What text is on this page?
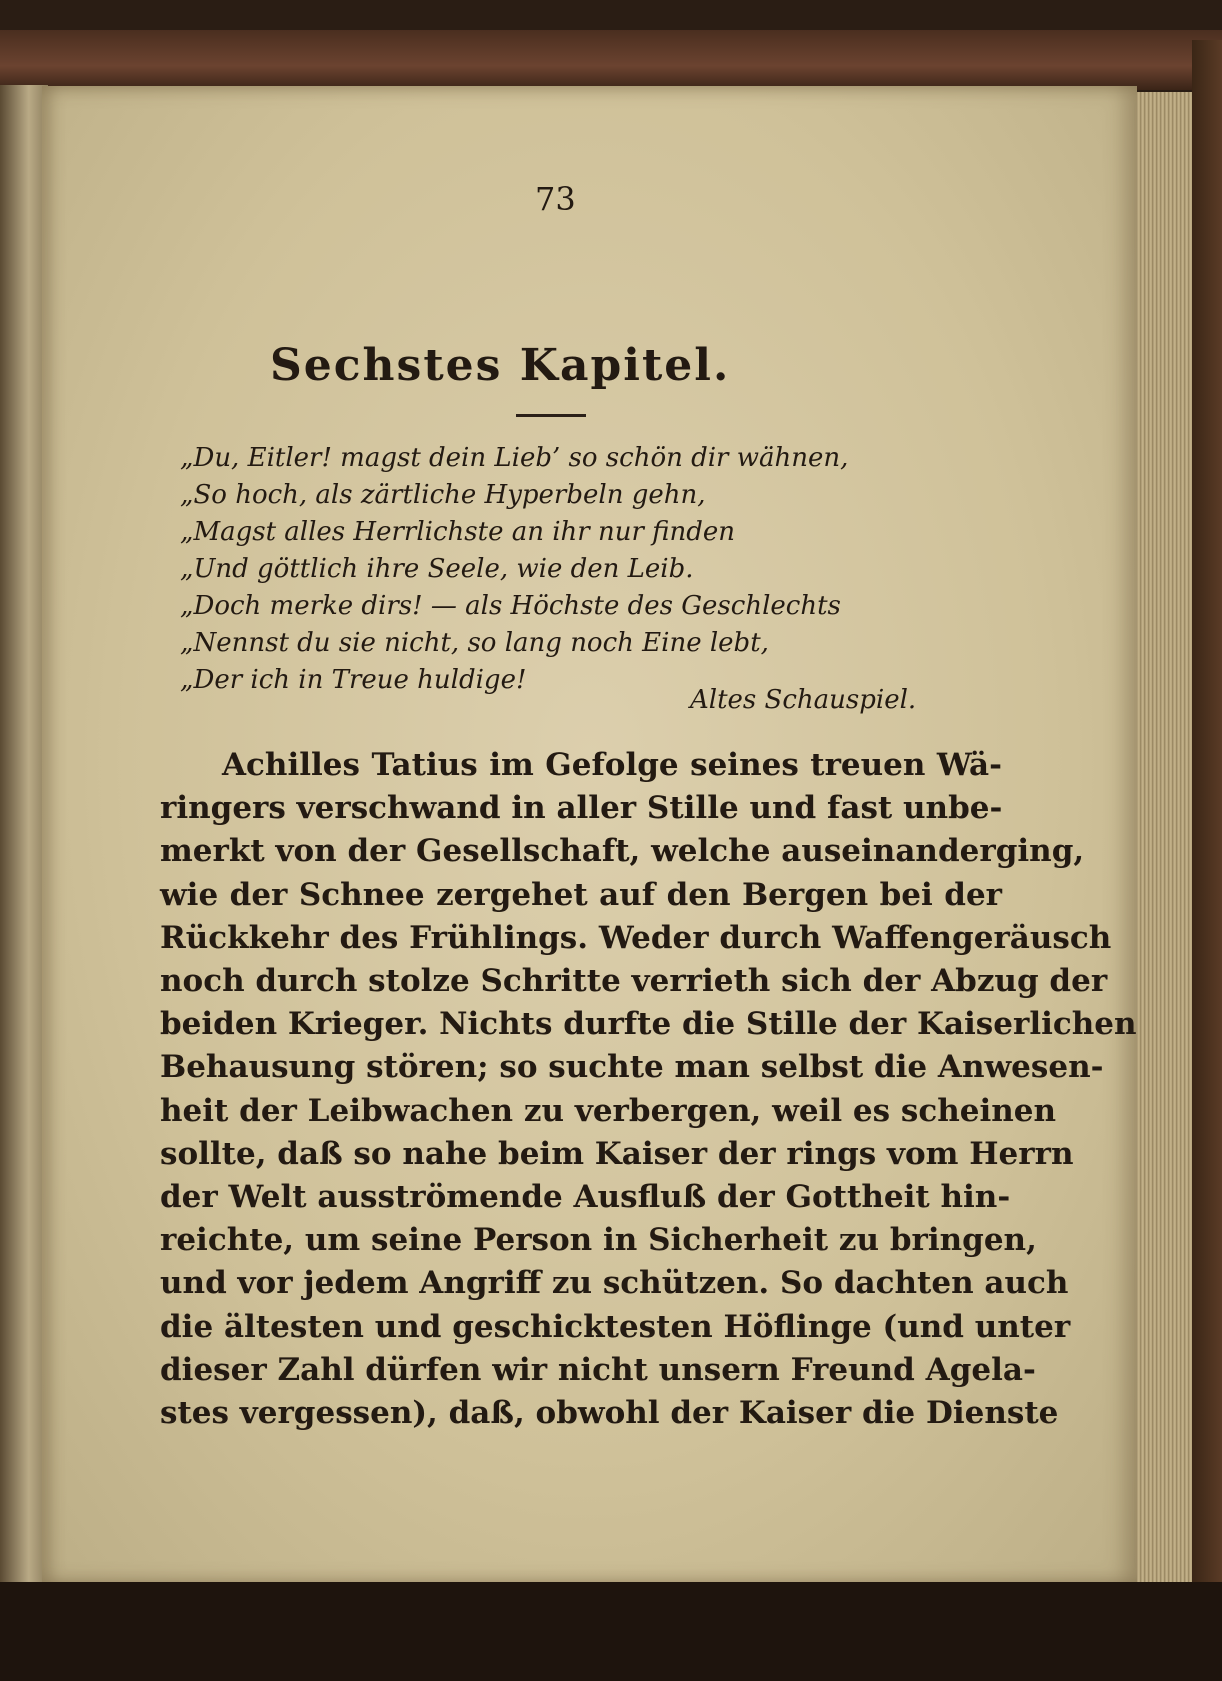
73
Sechstes Kapitel.
„Du, Eitler! magst dein Lieb’ so schön dir wähnen,
„So hoch, als zärtliche Hyperbeln gehn,
„Magst alles Herrlichste an ihr nur finden
„Und göttlich ihre Seele, wie den Leib.
„Doch merke dirs! — als Höchste des Geschlechts
„Nennst du sie nicht, so lang noch Eine lebt,
„Der ich in Treue huldige!
Altes Schauspiel.
Achilles Tatius im Gefolge seines treuen Wä-
ringers verschwand in aller Stille und fast unbe-
merkt von der Gesellschaft, welche auseinanderging,
wie der Schnee zergehet auf den Bergen bei der
Rückkehr des Frühlings. Weder durch Waffengeräusch
noch durch stolze Schritte verrieth sich der Abzug der
beiden Krieger. Nichts durfte die Stille der Kaiserlichen
Behausung stören; so suchte man selbst die Anwesen-
heit der Leibwachen zu verbergen, weil es scheinen
sollte, daß so nahe beim Kaiser der rings vom Herrn
der Welt ausströmende Ausfluß der Gottheit hin-
reichte, um seine Person in Sicherheit zu bringen,
und vor jedem Angriff zu schützen. So dachten auch
die ältesten und geschicktesten Höflinge (und unter
dieser Zahl dürfen wir nicht unsern Freund Agela-
stes vergessen), daß, obwohl der Kaiser die Dienste
